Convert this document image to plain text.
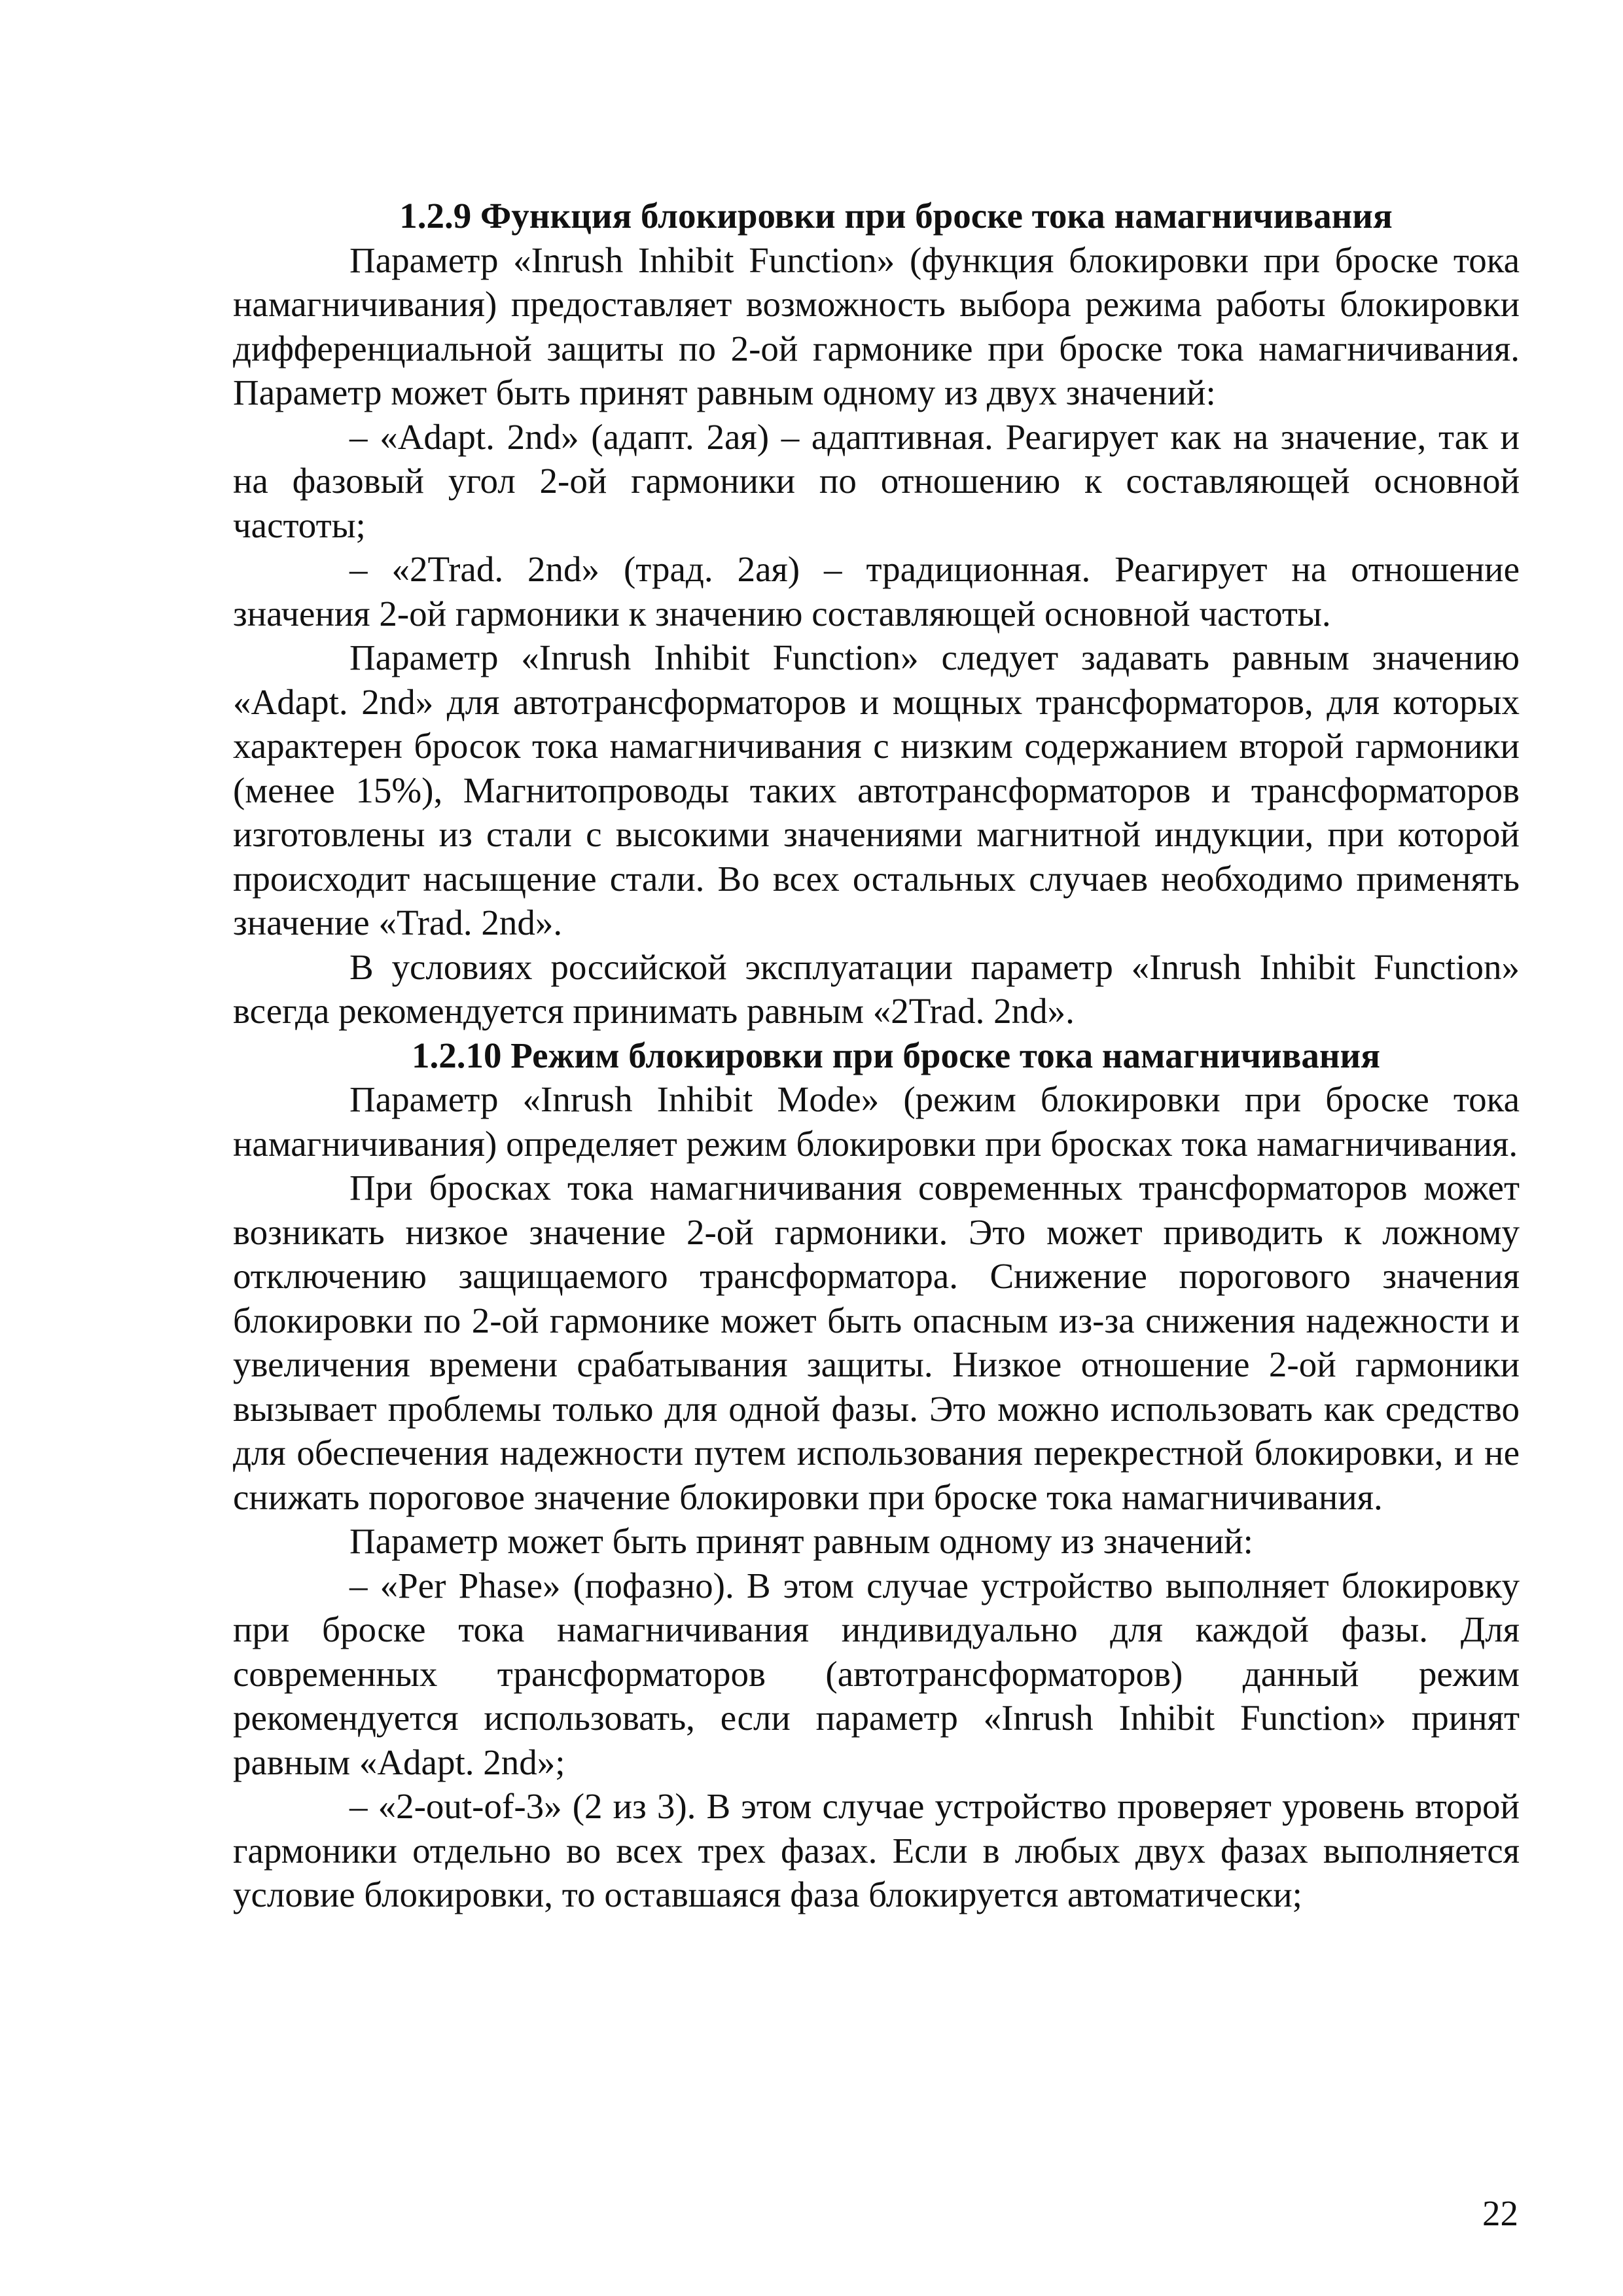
1.2.9 Функция блокировки при броске тока намагничивания

Параметр «Inrush Inhibit Function» (функция блокировки при броске тока намагничивания) предоставляет возможность выбора режима работы блокировки дифференциальной защиты по 2-ой гармонике при броске тока намагничивания. Параметр может быть принят равным одному из двух значений:

– «Adapt. 2nd» (адапт. 2ая) – адаптивная. Реагирует как на значение, так и на фазовый угол 2-ой гармоники по отношению к составляющей основной частоты;

– «2Trad. 2nd» (трад. 2ая) – традиционная. Реагирует на отношение значения 2-ой гармоники к значению составляющей основной частоты.

Параметр «Inrush Inhibit Function» следует задавать равным значению «Adapt. 2nd» для автотрансформаторов и мощных трансформаторов, для которых характерен бросок тока намагничивания с низким содержанием второй гармоники (менее 15%), Магнитопроводы таких автотрансформаторов и трансформаторов изготовлены из стали с высокими значениями магнитной индукции, при которой происходит насыщение стали. Во всех остальных случаев необходимо применять значение «Trad. 2nd».

В условиях российской эксплуатации параметр «Inrush Inhibit Function» всегда рекомендуется принимать равным «2Trad. 2nd».

1.2.10 Режим блокировки при броске тока намагничивания

Параметр «Inrush Inhibit Mode» (режим блокировки при броске тока намагничивания) определяет режим блокировки при бросках тока намагничивания.

При бросках тока намагничивания современных трансформаторов может возникать низкое значение 2-ой гармоники. Это может приводить к ложному отключению защищаемого трансформатора. Снижение порогового значения блокировки по 2-ой гармонике может быть опасным из-за снижения надежности и увеличения времени срабатывания защиты. Низкое отношение 2-ой гармоники вызывает проблемы только для одной фазы. Это можно использовать как средство для обеспечения надежности путем использования перекрестной блокировки, и не снижать пороговое значение блокировки при броске тока намагничивания.

Параметр может быть принят равным одному из значений:

– «Per Phase» (пофазно). В этом случае устройство выполняет блокировку при броске тока намагничивания индивидуально для каждой фазы. Для современных трансформаторов (автотрансформаторов) данный режим рекомендуется использовать, если параметр «Inrush Inhibit Function» принят равным «Adapt. 2nd»;

– «2-out-of-3» (2 из 3). В этом случае устройство проверяет уровень второй гармоники отдельно во всех трех фазах. Если в любых двух фазах выполняется условие блокировки, то оставшаяся фаза блокируется автоматически;

22
